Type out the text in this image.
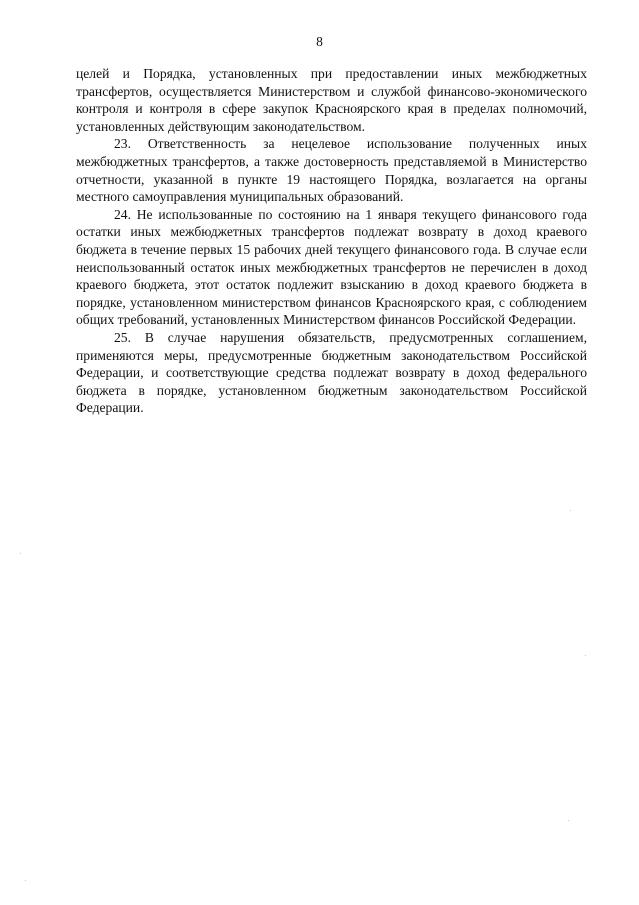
8

целей и Порядка, установленных при предоставлении иных межбюджетных трансфертов, осуществляется Министерством и службой финансово-экономического контроля и контроля в сфере закупок Красноярского края в пределах полномочий, установленных действующим законодательством.

23. Ответственность за нецелевое использование полученных иных межбюджетных трансфертов, а также достоверность представляемой в Министерство отчетности, указанной в пункте 19 настоящего Порядка, возлагается на органы местного самоуправления муниципальных образований.

24. Не использованные по состоянию на 1 января текущего финансового года остатки иных межбюджетных трансфертов подлежат возврату в доход краевого бюджета в течение первых 15 рабочих дней текущего финансового года. В случае если неиспользованный остаток иных межбюджетных трансфертов не перечислен в доход краевого бюджета, этот остаток подлежит взысканию в доход краевого бюджета в порядке, установленном министерством финансов Красноярского края, с соблюдением общих требований, установленных Министерством финансов Российской Федерации.

25. В случае нарушения обязательств, предусмотренных соглашением, применяются меры, предусмотренные бюджетным законодательством Российской Федерации, и соответствующие средства подлежат возврату в доход федерального бюджета в порядке, установленном бюджетным законодательством Российской Федерации.
